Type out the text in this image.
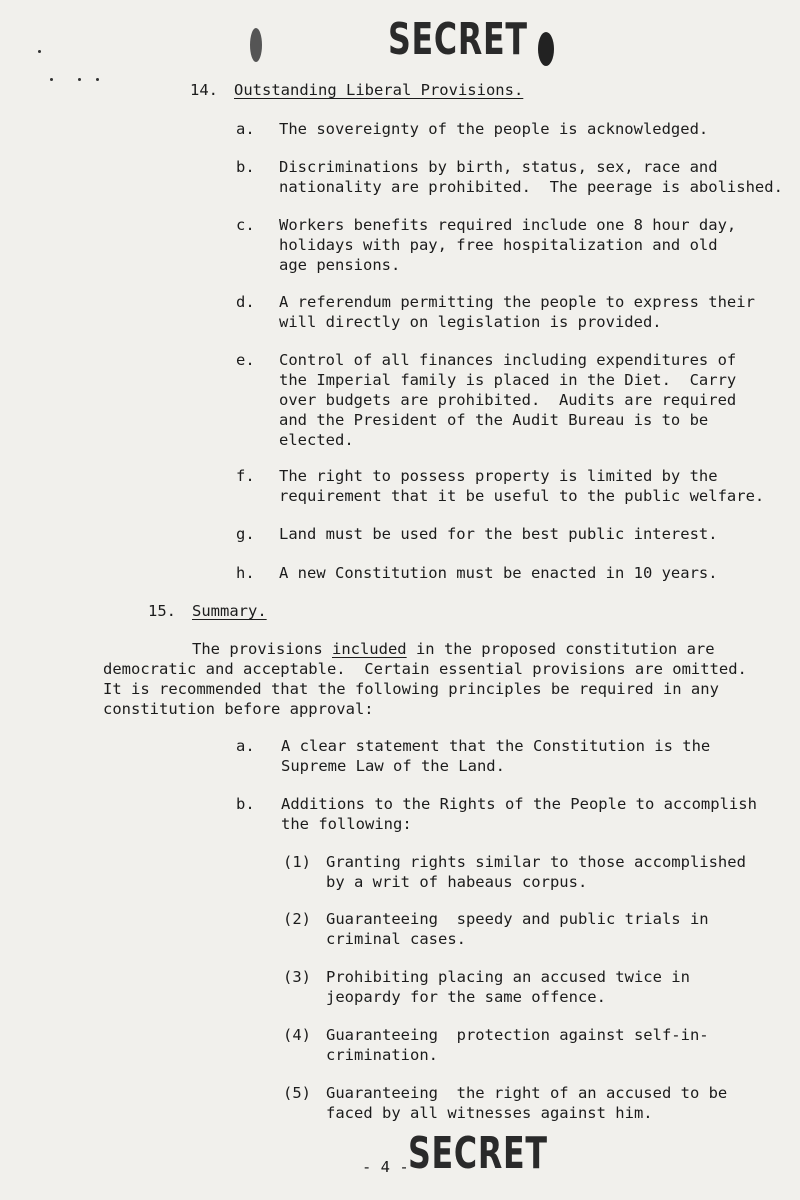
SECRET
14. Outstanding Liberal Provisions.
a. The sovereignty of the people is acknowledged.
b. Discriminations by birth, status, sex, race and
nationality are prohibited.  The peerage is abolished.
c. Workers benefits required include one 8 hour day,
holidays with pay, free hospitalization and old
age pensions.
d. A referendum permitting the people to express their
will directly on legislation is provided.
e. Control of all finances including expenditures of
the Imperial family is placed in the Diet.  Carry
over budgets are prohibited.  Audits are required
and the President of the Audit Bureau is to be
elected.
f. The right to possess property is limited by the
requirement that it be useful to the public welfare.
g. Land must be used for the best public interest.
h. A new Constitution must be enacted in 10 years.
15. Summary.
The provisions included in the proposed constitution are
democratic and acceptable.  Certain essential provisions are omitted.
It is recommended that the following principles be required in any
constitution before approval:
a. A clear statement that the Constitution is the
Supreme Law of the Land.
b. Additions to the Rights of the People to accomplish
the following:
(1) Granting rights similar to those accomplished
by a writ of habeaus corpus.
(2) Guaranteeing  speedy and public trials in
criminal cases.
(3) Prohibiting placing an accused twice in
jeopardy for the same offence.
(4) Guaranteeing  protection against self-in-
crimination.
(5) Guaranteeing  the right of an accused to be
faced by all witnesses against him.
- 4 - SECRET
